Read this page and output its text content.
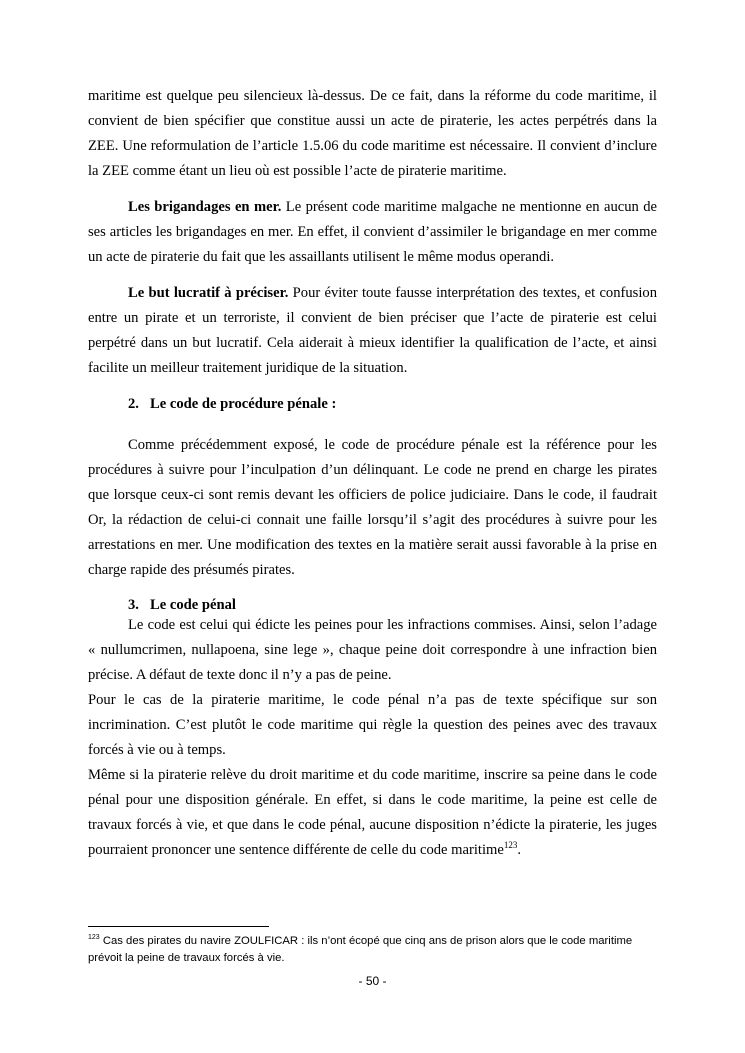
maritime est quelque peu silencieux là-dessus. De ce fait, dans la réforme du code maritime, il convient de bien spécifier que constitue aussi un acte de piraterie, les actes perpétrés dans la ZEE. Une reformulation de l’article 1.5.06 du code maritime est nécessaire. Il convient d’inclure la ZEE comme étant un lieu où est possible l’acte de piraterie maritime.

Les brigandages en mer. Le présent code maritime malgache ne mentionne en aucun de ses articles les brigandages en mer. En effet, il convient d’assimiler le brigandage en mer comme un acte de piraterie du fait que les assaillants utilisent le même modus operandi.

Le but lucratif à préciser. Pour éviter toute fausse interprétation des textes, et confusion entre un pirate et un terroriste, il convient de bien préciser que l’acte de piraterie est celui perpétré dans un but lucratif. Cela aiderait à mieux identifier la qualification de l’acte, et ainsi facilite un meilleur traitement juridique de la situation.

2. Le code de procédure pénale :

Comme précédemment exposé, le code de procédure pénale est la référence pour les procédures à suivre pour l’inculpation d’un délinquant. Le code ne prend en charge les pirates que lorsque ceux-ci sont remis devant les officiers de police judiciaire. Dans le code, il faudrait Or, la rédaction de celui-ci connait une faille lorsqu’il s’agit des procédures à suivre pour les arrestations en mer. Une modification des textes en la matière serait aussi favorable à la prise en charge rapide des présumés pirates.

3. Le code pénal

Le code est celui qui édicte les peines pour les infractions commises. Ainsi, selon l’adage « nullumcrimen, nullapoena, sine lege », chaque peine doit correspondre à une infraction bien précise. A défaut de texte donc il n’y a pas de peine.

Pour le cas de la piraterie maritime, le code pénal n’a pas de texte spécifique sur son incrimination. C’est plutôt le code maritime qui règle la question des peines avec des travaux forcés à vie ou à temps.

Même si la piraterie relève du droit maritime et du code maritime, inscrire sa peine dans le code pénal pour une disposition générale. En effet, si dans le code maritime, la peine est celle de travaux forcés à vie, et que dans le code pénal, aucune disposition n’édicte la piraterie, les juges pourraient prononcer une sentence différente de celle du code maritime$^{123}$.

$^{123}$ Cas des pirates du navire ZOULFICAR : ils n’ont écopé que cinq ans de prison alors que le code maritime prévoit la peine de travaux forcés à vie.

- 50 -
